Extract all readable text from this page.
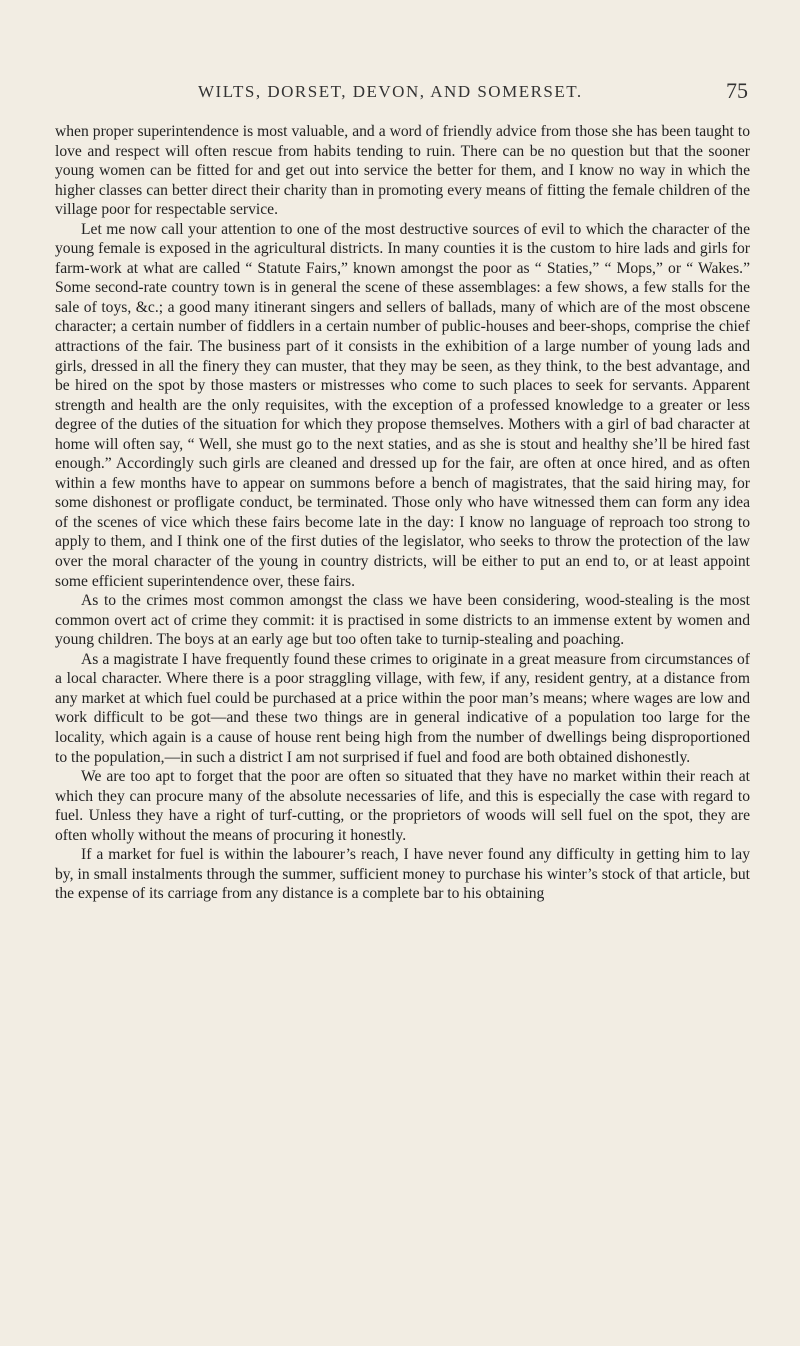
WILTS, DORSET, DEVON, AND SOMERSET.	75

when proper superintendence is most valuable, and a word of friendly advice from those she has been taught to love and respect will often rescue from habits tending to ruin. There can be no question but that the sooner young women can be fitted for and get out into service the better for them, and I know no way in which the higher classes can better direct their charity than in promoting every means of fitting the female children of the village poor for respectable service.

Let me now call your attention to one of the most destructive sources of evil to which the character of the young female is exposed in the agricultural districts. In many counties it is the custom to hire lads and girls for farm-work at what are called “ Statute Fairs,” known amongst the poor as “ Staties,” “ Mops,” or “ Wakes.” Some second-rate country town is in general the scene of these assemblages: a few shows, a few stalls for the sale of toys, &c.; a good many itinerant singers and sellers of ballads, many of which are of the most obscene character; a certain number of fiddlers in a certain number of public-houses and beer-shops, comprise the chief attractions of the fair. The business part of it consists in the exhibition of a large number of young lads and girls, dressed in all the finery they can muster, that they may be seen, as they think, to the best advantage, and be hired on the spot by those masters or mistresses who come to such places to seek for servants. Apparent strength and health are the only requisites, with the exception of a professed knowledge to a greater or less degree of the duties of the situation for which they propose themselves. Mothers with a girl of bad character at home will often say, “ Well, she must go to the next staties, and as she is stout and healthy she’ll be hired fast enough.” Accordingly such girls are cleaned and dressed up for the fair, are often at once hired, and as often within a few months have to appear on summons before a bench of magistrates, that the said hiring may, for some dishonest or profligate conduct, be terminated. Those only who have witnessed them can form any idea of the scenes of vice which these fairs become late in the day: I know no language of reproach too strong to apply to them, and I think one of the first duties of the legislator, who seeks to throw the protection of the law over the moral character of the young in country districts, will be either to put an end to, or at least appoint some efficient superintendence over, these fairs.

As to the crimes most common amongst the class we have been considering, wood-stealing is the most common overt act of crime they commit: it is practised in some districts to an immense extent by women and young children. The boys at an early age but too often take to turnip-stealing and poaching.

As a magistrate I have frequently found these crimes to originate in a great measure from circumstances of a local character. Where there is a poor straggling village, with few, if any, resident gentry, at a distance from any market at which fuel could be purchased at a price within the poor man’s means; where wages are low and work difficult to be got—and these two things are in general indicative of a population too large for the locality, which again is a cause of house rent being high from the number of dwellings being disproportioned to the population,—in such a district I am not surprised if fuel and food are both obtained dishonestly.

We are too apt to forget that the poor are often so situated that they have no market within their reach at which they can procure many of the absolute necessaries of life, and this is especially the case with regard to fuel. Unless they have a right of turf-cutting, or the proprietors of woods will sell fuel on the spot, they are often wholly without the means of procuring it honestly.

If a market for fuel is within the labourer’s reach, I have never found any difficulty in getting him to lay by, in small instalments through the summer, sufficient money to purchase his winter’s stock of that article, but the expense of its carriage from any distance is a complete bar to his obtaining
